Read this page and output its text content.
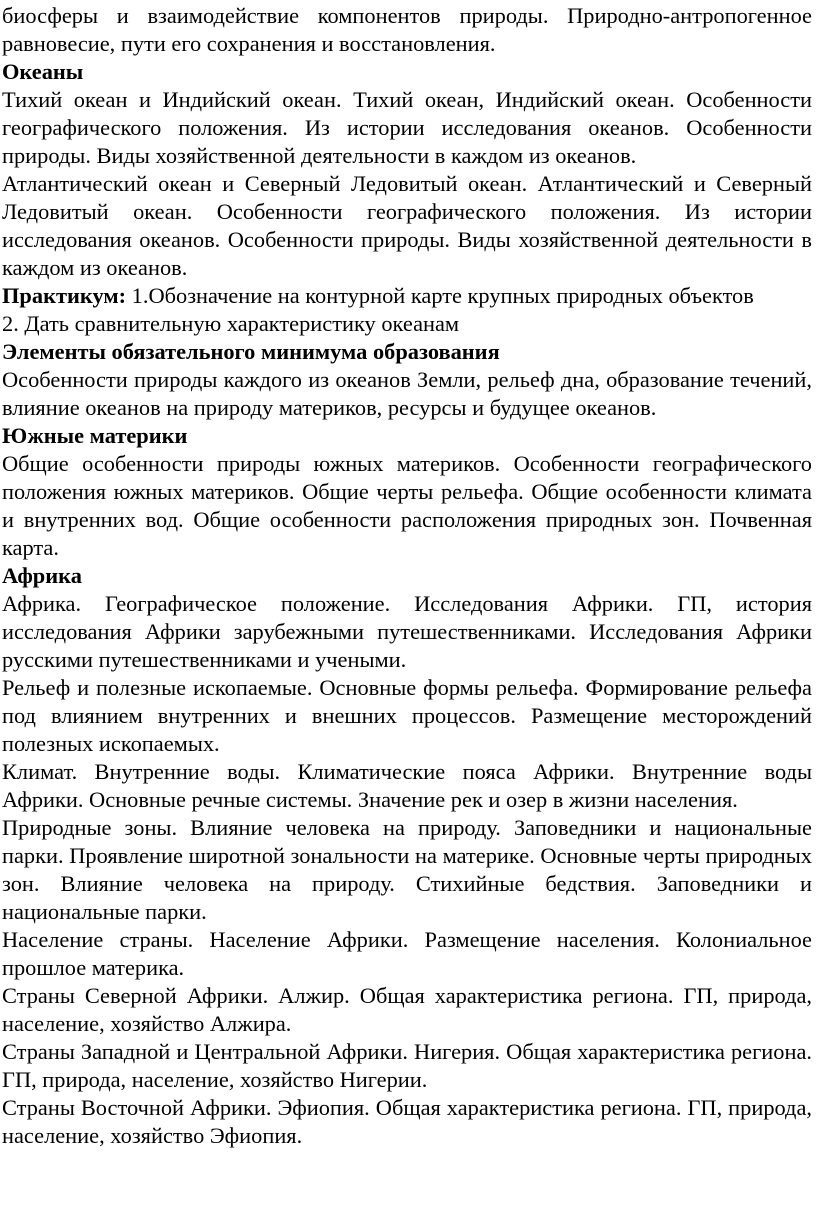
биосферы и взаимодействие компонентов природы. Природно-антропогенное равновесие, пути его сохранения и восстановления.

Океаны

Тихий океан и Индийский океан. Тихий океан, Индийский океан. Особенности географического положения. Из истории исследования океанов. Особенности природы. Виды хозяйственной деятельности в каждом из океанов.

Атлантический океан и Северный Ледовитый океан. Атлантический и Северный Ледовитый океан. Особенности географического положения. Из истории исследования океанов. Особенности природы. Виды хозяйственной деятельности в каждом из океанов.

Практикум: 1.Обозначение на контурной карте крупных природных объектов

2. Дать сравнительную характеристику океанам

Элементы обязательного минимума образования

Особенности природы каждого из океанов Земли, рельеф дна, образование течений, влияние океанов на природу материков, ресурсы и будущее океанов.

Южные материки

Общие особенности природы южных материков. Особенности географического положения южных материков. Общие черты рельефа. Общие особенности климата и внутренних вод. Общие особенности расположения природных зон. Почвенная карта.

Африка

Африка. Географическое положение. Исследования Африки. ГП, история исследования Африки зарубежными путешественниками. Исследования Африки русскими путешественниками и учеными.

Рельеф и полезные ископаемые. Основные формы рельефа. Формирование рельефа под влиянием внутренних и внешних процессов. Размещение месторождений полезных ископаемых.

Климат. Внутренние воды. Климатические пояса Африки. Внутренние воды Африки. Основные речные системы. Значение рек и озер в жизни населения.

Природные зоны. Влияние человека на природу. Заповедники и национальные парки. Проявление широтной зональности на материке. Основные черты природных зон. Влияние человека на природу. Стихийные бедствия. Заповедники и национальные парки.

Население страны. Население Африки. Размещение населения. Колониальное прошлое материка.

Страны Северной Африки. Алжир. Общая характеристика региона. ГП, природа, население, хозяйство Алжира.

Страны Западной и Центральной Африки. Нигерия. Общая характеристика региона. ГП, природа, население, хозяйство Нигерии.

Страны Восточной Африки. Эфиопия. Общая характеристика региона. ГП, природа, население, хозяйство Эфиопия.
